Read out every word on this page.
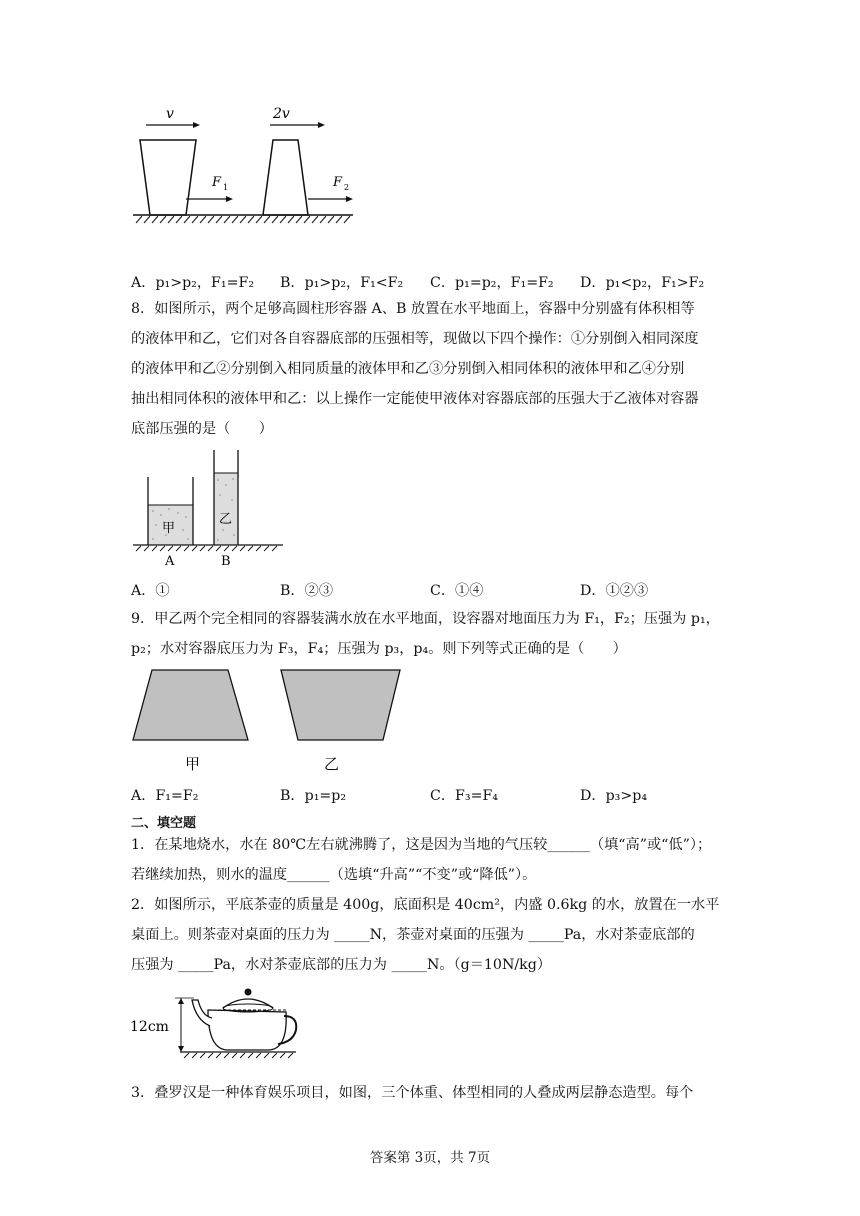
v	2v
F 1	F 2
A．p₁>p₂，F₁=F₂ B．p₁>p₂，F₁<F₂ C．p₁=p₂，F₁=F₂ D．p₁<p₂，F₁>F₂
8．如图所示，两个足够高圆柱形容器 A、B 放置在水平地面上，容器中分别盛有体积相等
的液体甲和乙，它们对各自容器底部的压强相等，现做以下四个操作：①分别倒入相同深度
的液体甲和乙②分别倒入相同质量的液体甲和乙③分别倒入相同体积的液体甲和乙④分别
抽出相同体积的液体甲和乙：以上操作一定能使甲液体对容器底部的压强大于乙液体对容器
底部压强的是（　　）
甲
乙
A	B
A．①	B．②③	C．①④	D．①②③
9．甲乙两个完全相同的容器装满水放在水平地面，设容器对地面压力为 F₁，F₂；压强为 p₁，
p₂；水对容器底压力为 F₃，F₄；压强为 p₃，p₄。则下列等式正确的是（　　）
甲	乙
A．F₁=F₂	B．p₁=p₂	C．F₃=F₄	D．p₃>p₄
二、填空题
1．在某地烧水，水在 80℃左右就沸腾了，这是因为当地的气压较______（填“高”或“低”）；
若继续加热，则水的温度______（选填“升高”“不变”或“降低”）。
2．如图所示，平底茶壶的质量是 400g，底面积是 40cm²，内盛 0.6kg 的水，放置在一水平
桌面上。则茶壶对桌面的压力为 _____N，茶壶对桌面的压强为 _____Pa，水对茶壶底部的
压强为 _____Pa，水对茶壶底部的压力为 _____N。（g＝10N/kg）
12cm
3．叠罗汉是一种体育娱乐项目，如图，三个体重、体型相同的人叠成两层静态造型。每个
答案第 3页，共 7页
